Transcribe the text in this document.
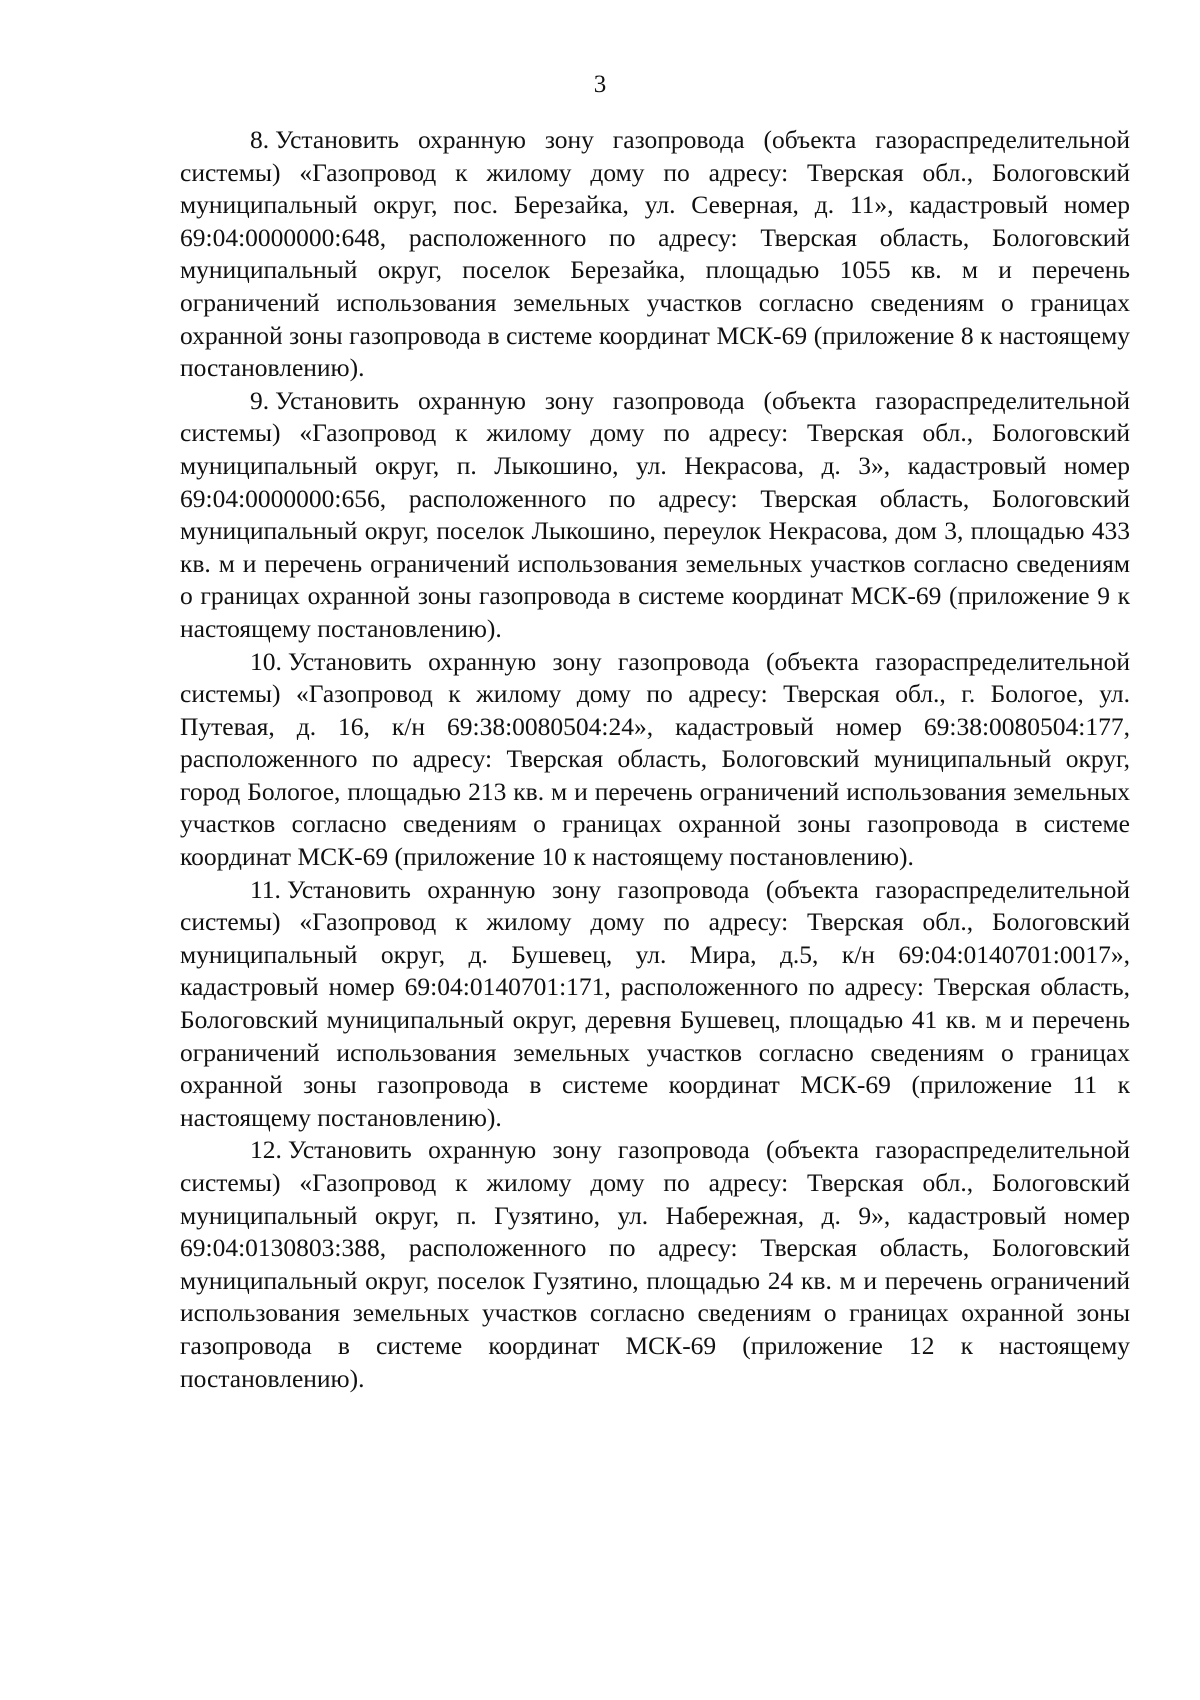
3

8. Установить охранную зону газопровода (объекта газораспределительной системы) «Газопровод к жилому дому по адресу: Тверская обл., Бологовский муниципальный округ, пос. Березайка, ул. Северная, д. 11», кадастровый номер 69:04:0000000:648, расположенного по адресу: Тверская область, Бологовский муниципальный округ, поселок Березайка, площадью 1055 кв. м и перечень ограничений использования земельных участков согласно сведениям о границах охранной зоны газопровода в системе координат МСК-69 (приложение 8 к настоящему постановлению).

9. Установить охранную зону газопровода (объекта газораспределительной системы) «Газопровод к жилому дому по адресу: Тверская обл., Бологовский муниципальный округ, п. Лыкошино, ул. Некрасова, д. 3», кадастровый номер 69:04:0000000:656, расположенного по адресу: Тверская область, Бологовский муниципальный округ, поселок Лыкошино, переулок Некрасова, дом 3, площадью 433 кв. м и перечень ограничений использования земельных участков согласно сведениям о границах охранной зоны газопровода в системе координат МСК-69 (приложение 9 к настоящему постановлению).

10. Установить охранную зону газопровода (объекта газораспределительной системы) «Газопровод к жилому дому по адресу: Тверская обл., г. Бологое, ул. Путевая, д. 16, к/н 69:38:0080504:24», кадастровый номер 69:38:0080504:177, расположенного по адресу: Тверская область, Бологовский муниципальный округ, город Бологое, площадью 213 кв. м и перечень ограничений использования земельных участков согласно сведениям о границах охранной зоны газопровода в системе координат МСК-69 (приложение 10 к настоящему постановлению).

11. Установить охранную зону газопровода (объекта газораспределительной системы) «Газопровод к жилому дому по адресу: Тверская обл., Бологовский муниципальный округ, д. Бушевец, ул. Мира, д.5, к/н 69:04:0140701:0017», кадастровый номер 69:04:0140701:171, расположенного по адресу: Тверская область, Бологовский муниципальный округ, деревня Бушевец, площадью 41 кв. м и перечень ограничений использования земельных участков согласно сведениям о границах охранной зоны газопровода в системе координат МСК-69 (приложение 11 к настоящему постановлению).

12. Установить охранную зону газопровода (объекта газораспределительной системы) «Газопровод к жилому дому по адресу: Тверская обл., Бологовский муниципальный округ, п. Гузятино, ул. Набережная, д. 9», кадастровый номер 69:04:0130803:388, расположенного по адресу: Тверская область, Бологовский муниципальный округ, поселок Гузятино, площадью 24 кв. м и перечень ограничений использования земельных участков согласно сведениям о границах охранной зоны газопровода в системе координат МСК-69 (приложение 12 к настоящему постановлению).
